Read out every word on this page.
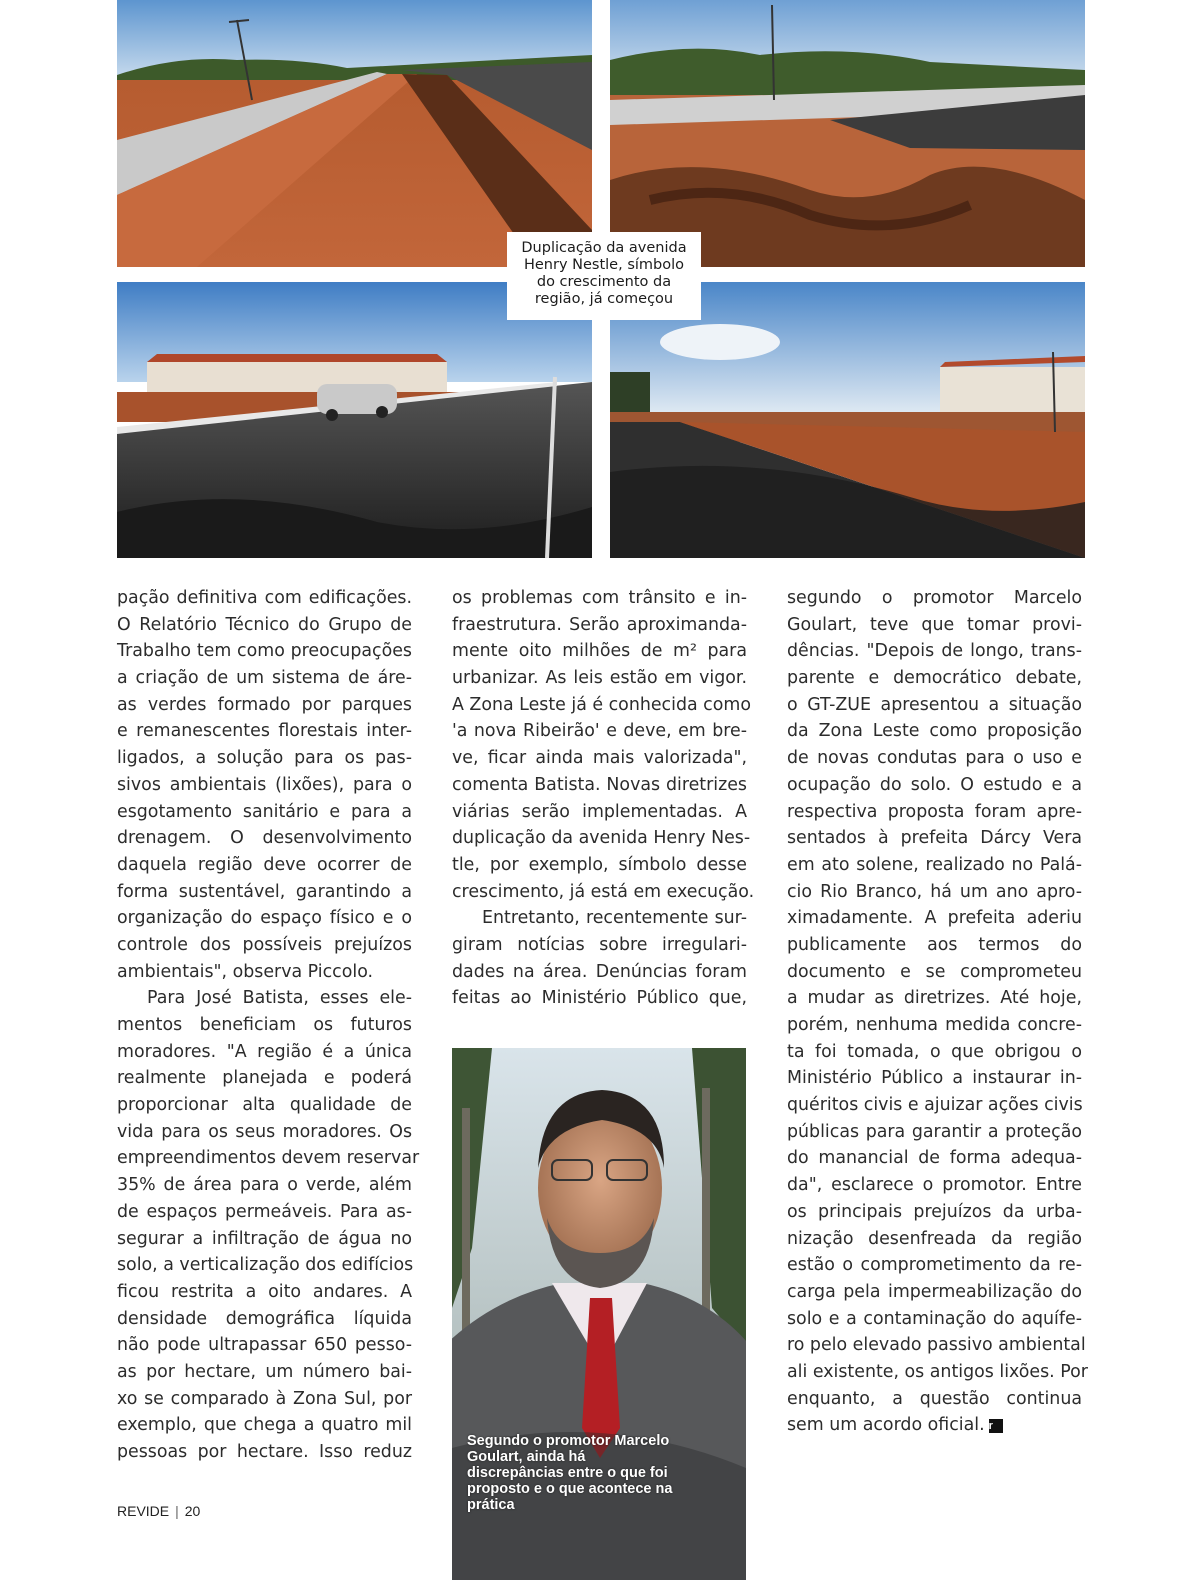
Duplicação da avenida Henry Nestle, símbolo do crescimento da região, já começou
Segundo o promotor Marcelo Goulart, ainda há discrepâncias entre o que foi proposto e o que acontece na prática
pação definitiva com edificações.
O Relatório Técnico do Grupo de
Trabalho tem como preocupações
a criação de um sistema de áre-
as verdes formado por parques
e remanescentes florestais inter-
ligados, a solução para os pas-
sivos ambientais (lixões), para o
esgotamento sanitário e para a
drenagem. O desenvolvimento
daquela região deve ocorrer de
forma sustentável, garantindo a
organização do espaço físico e o
controle dos possíveis prejuízos
ambientais", observa Piccolo.
Para José Batista, esses ele-
mentos beneficiam os futuros
moradores. "A região é a única
realmente planejada e poderá
proporcionar alta qualidade de
vida para os seus moradores. Os
empreendimentos devem reservar
35% de área para o verde, além
de espaços permeáveis. Para as-
segurar a infiltração de água no
solo, a verticalização dos edifícios
ficou restrita a oito andares. A
densidade demográfica líquida
não pode ultrapassar 650 pesso-
as por hectare, um número bai-
xo se comparado à Zona Sul, por
exemplo, que chega a quatro mil
pessoas por hectare. Isso reduz
os problemas com trânsito e in-
fraestrutura. Serão aproximanda-
mente oito milhões de m² para
urbanizar. As leis estão em vigor.
A Zona Leste já é conhecida como
'a nova Ribeirão' e deve, em bre-
ve, ficar ainda mais valorizada",
comenta Batista. Novas diretrizes
viárias serão implementadas. A
duplicação da avenida Henry Nes-
tle, por exemplo, símbolo desse
crescimento, já está em execução.
Entretanto, recentemente sur-
giram notícias sobre irregulari-
dades na área. Denúncias foram
feitas ao Ministério Público que,
segundo o promotor Marcelo
Goulart, teve que tomar provi-
dências. "Depois de longo, trans-
parente e democrático debate,
o GT-ZUE apresentou a situação
da Zona Leste como proposição
de novas condutas para o uso e
ocupação do solo. O estudo e a
respectiva proposta foram apre-
sentados à prefeita Dárcy Vera
em ato solene, realizado no Palá-
cio Rio Branco, há um ano apro-
ximadamente. A prefeita aderiu
publicamente aos termos do
documento e se comprometeu
a mudar as diretrizes. Até hoje,
porém, nenhuma medida concre-
ta foi tomada, o que obrigou o
Ministério Público a instaurar in-
quéritos civis e ajuizar ações civis
públicas para garantir a proteção
do manancial de forma adequa-
da", esclarece o promotor. Entre
os principais prejuízos da urba-
nização desenfreada da região
estão o comprometimento da re-
carga pela impermeabilização do
solo e a contaminação do aquífe-
ro pelo elevado passivo ambiental
ali existente, os antigos lixões. Por
enquanto, a questão continua
sem um acordo oficial. r
REVIDE | 20
